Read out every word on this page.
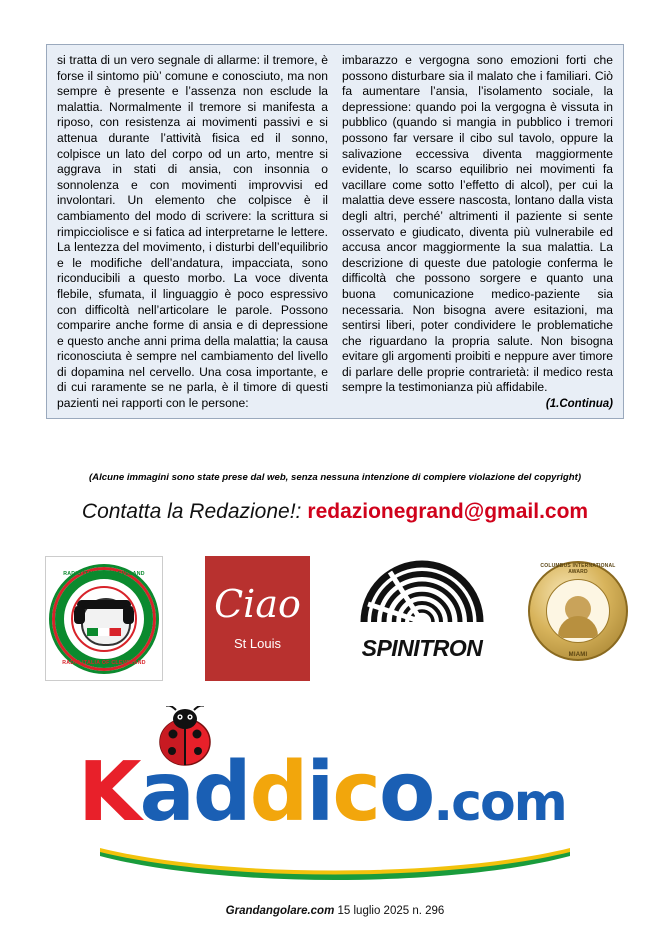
si tratta di un vero segnale di allarme: il tremore, è forse il sintomo più’ comune e conosciuto, ma non sempre è presente e l’assenza non esclude la malattia. Normalmente il tremore si manifesta a riposo, con resistenza ai movimenti passivi e si attenua durante l’attività fisica ed il sonno, colpisce un lato del corpo od un arto, mentre si aggrava in stati di ansia, con insonnia o sonnolenza e con movimenti improvvisi ed involontari. Un elemento che colpisce è il cambiamento del modo di scrivere: la scrittura si rimpicciolisce e si fatica ad interpretarne le lettere. La lentezza del movimento, i disturbi dell’equilibrio e le modifiche dell’andatura, impacciata, sono riconducibili a questo morbo. La voce diventa flebile, sfumata, il linguaggio è poco espressivo con difficoltà nell’articolare le parole. Possono comparire anche forme di ansia e di depressione e questo anche anni prima della malattia; la causa riconosciuta è sempre nel cambiamento del livello di dopamina nel cervello. Una cosa importante, e di cui raramente se ne parla, è il timore di questi pazienti nei rapporti con le persone:

imbarazzo e vergogna sono emozioni forti che possono disturbare sia il malato che i familiari. Ciò fa aumentare l’ansia, l’isolamento sociale, la depressione: quando poi la vergogna è vissuta in pubblico (quando si mangia in pubblico i tremori possono far versare il cibo sul tavolo, oppure la salivazione eccessiva diventa maggiormente evidente, lo scarso equilibrio nei movimenti fa vacillare come sotto l’effetto di alcol), per cui la malattia deve essere nascosta, lontano dalla vista degli altri, perché’ altrimenti il paziente si sente osservato e giudicato, diventa più vulnerabile ed accusa ancor maggiormente la sua malattia. La descrizione di queste due patologie conferma le difficoltà che possono sorgere e quanto una buona comunicazione medico-paziente sia necessaria. Non bisogna avere esitazioni, ma sentirsi liberi, poter condividere le problematiche che riguardano la propria salute. Non bisogna evitare gli argomenti proibiti e neppure aver timore di parlare delle proprie contrarietà: il medico resta sempre la testimonianza più affidabile.

(1.Continua)
(Alcune immagini sono state prese dal web, senza nessuna intenzione di compiere violazione del copyright)
Contatta la Redazione!: redazionegrand@gmail.com
RADIO ITALIA DI CLEVELAND
RADIO ITALIA OF CLEVELAND
Ciao
St Louis	SPINITRON
COLUMBUS INTERNATIONAL AWARD
MIAMI
Kaddico.com
Grandangolare.com 15 luglio 2025 n. 296
